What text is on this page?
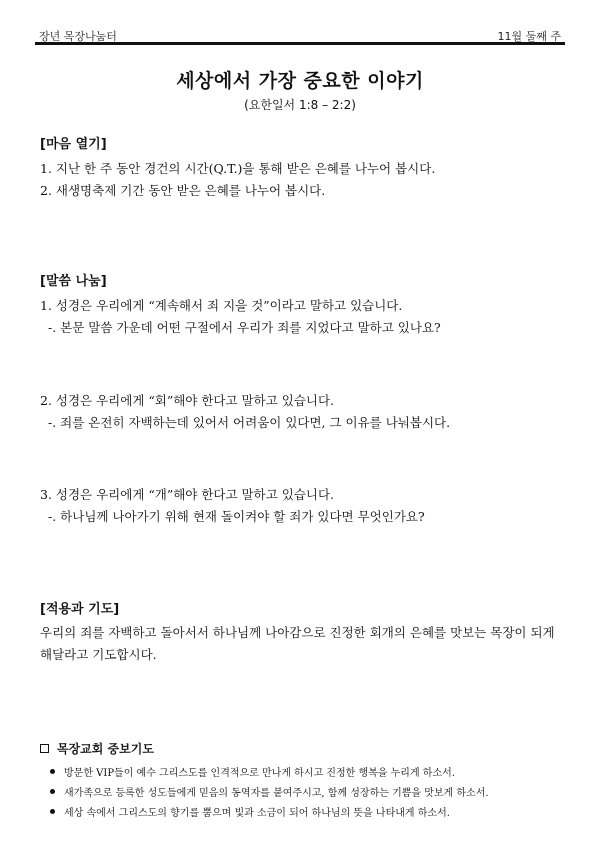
장년 목장나눔터	11월 둘째 주
세상에서 가장 중요한 이야기
(요한일서 1:8 – 2:2)
[마음 열기]
1. 지난 한 주 동안 경건의 시간(Q.T.)을 통해 받은 은혜를 나누어 봅시다.
2. 새생명축제 기간 동안 받은 은혜를 나누어 봅시다.
[말씀 나눔]
1. 성경은 우리에게 “계속해서 죄 지을 것”이라고 말하고 있습니다.
-. 본문 말씀 가운데 어떤 구절에서 우리가 죄를 지었다고 말하고 있나요?
2. 성경은 우리에게 “회”해야 한다고 말하고 있습니다.
-. 죄를 온전히 자백하는데 있어서 어려움이 있다면, 그 이유를 나눠봅시다.
3. 성경은 우리에게 “개”해야 한다고 말하고 있습니다.
-. 하나님께 나아가기 위해 현재 돌이켜야 할 죄가 있다면 무엇인가요?
[적용과 기도]
우리의 죄를 자백하고 돌아서서 하나님께 나아감으로 진정한 회개의 은혜를 맛보는 목장이 되게 해달라고 기도합시다.
목장교회 중보기도
방문한 VIP들이 예수 그리스도를 인격적으로 만나게 하시고 진정한 행복을 누리게 하소서.
새가족으로 등록한 성도들에게 믿음의 동역자를 붙여주시고, 함께 성장하는 기쁨을 맛보게 하소서.
세상 속에서 그리스도의 향기를 뿜으며 빛과 소금이 되어 하나님의 뜻을 나타내게 하소서.
